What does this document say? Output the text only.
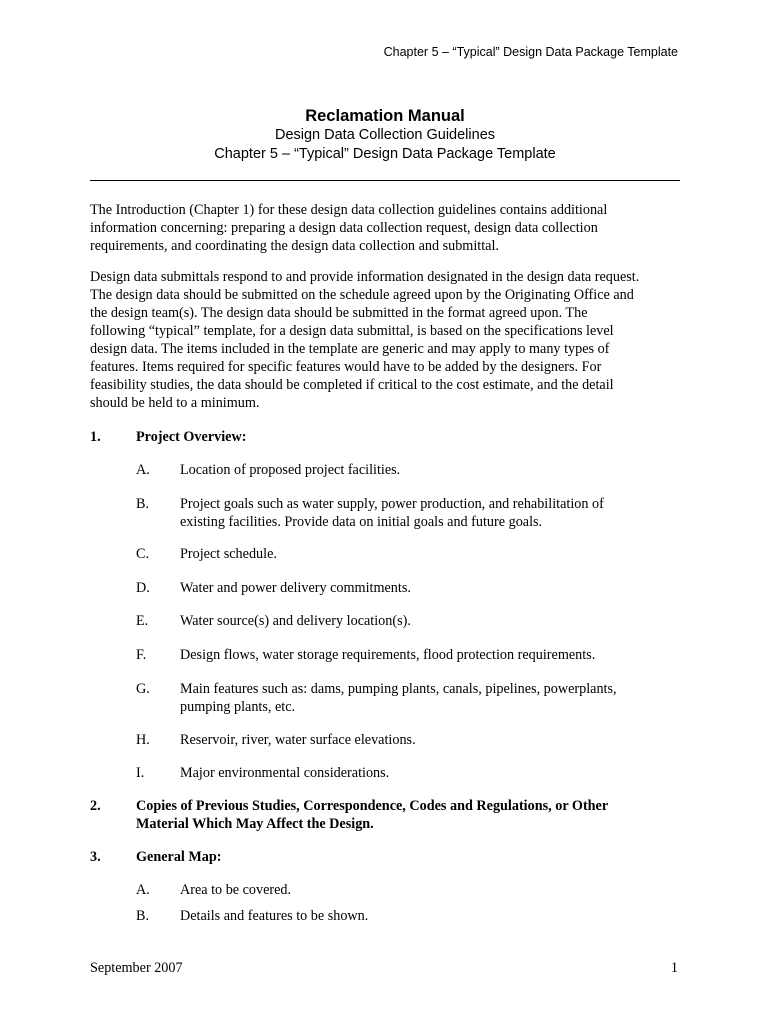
Chapter 5 – “Typical” Design Data Package Template
Reclamation Manual
Design Data Collection Guidelines
Chapter 5 – “Typical” Design Data Package Template

The Introduction (Chapter 1) for these design data collection guidelines contains additional
information concerning: preparing a design data collection request, design data collection
requirements, and coordinating the design data collection and submittal.

Design data submittals respond to and provide information designated in the design data request.
The design data should be submitted on the schedule agreed upon by the Originating Office and
the design team(s). The design data should be submitted in the format agreed upon. The
following “typical” template, for a design data submittal, is based on the specifications level
design data. The items included in the template are generic and may apply to many types of
features. Items required for specific features would have to be added by the designers. For
feasibility studies, the data should be completed if critical to the cost estimate, and the detail
should be held to a minimum.

1. Project Overview:
A. Location of proposed project facilities.
B. Project goals such as water supply, power production, and rehabilitation of
existing facilities. Provide data on initial goals and future goals.
C. Project schedule.
D. Water and power delivery commitments.
E. Water source(s) and delivery location(s).
F. Design flows, water storage requirements, flood protection requirements.
G. Main features such as: dams, pumping plants, canals, pipelines, powerplants,
pumping plants, etc.
H. Reservoir, river, water surface elevations.
I.	Major environmental considerations.
2. Copies of Previous Studies, Correspondence, Codes and Regulations, or Other
Material Which May Affect the Design.
3. General Map:
A. Area to be covered.
B. Details and features to be shown.
September 2007	1
